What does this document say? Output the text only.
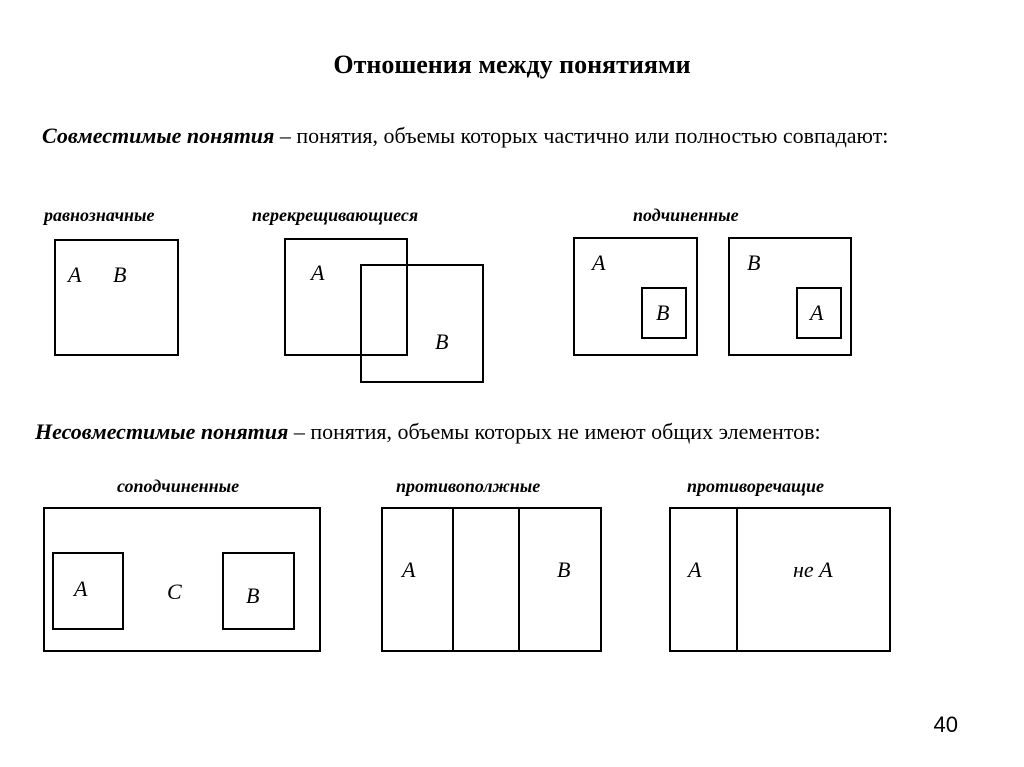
Отношения между понятиями
Совместимые понятия – понятия, объемы которых частично или полностью совпадают:
равнозначные	перекрещивающиеся	подчиненные
A B	A
B
A
B
B
A
Несовместимые понятия – понятия, объемы которых не имеют общих элементов:
соподчиненные	противополжные	противоречащие
A	C	B
A	B	A	не A
40
